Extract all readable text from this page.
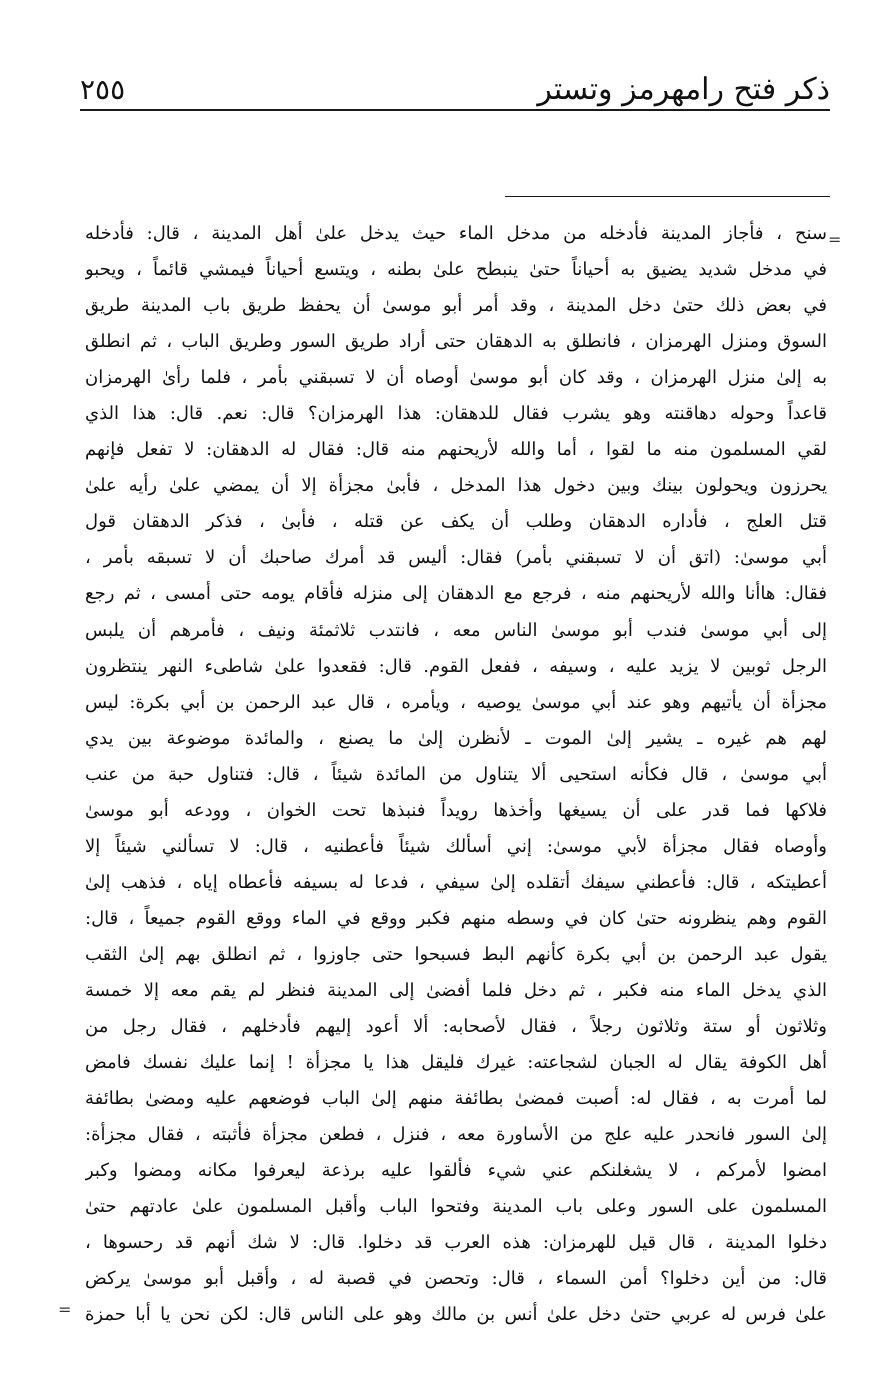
ذكر فتح رامهرمز وتستر
٢٥٥
=
=
سنح ، فأجاز المدينة فأدخله من مدخل الماء حيث يدخل علىٰ أهل المدينة ، قال: فأدخله
في مدخل شديد يضيق به أحياناً حتىٰ ينبطح علىٰ بطنه ، ويتسع أحياناً فيمشي قائماً ، ويحبو
في بعض ذلك حتىٰ دخل المدينة ، وقد أمر أبو موسىٰ أن يحفظ طريق باب المدينة طريق
السوق ومنزل الهرمزان ، فانطلق به الدهقان حتى أراد طريق السور وطريق الباب ، ثم انطلق
به إلىٰ منزل الهرمزان ، وقد كان أبو موسىٰ أوصاه أن لا تسبقني بأمر ، فلما رأىٰ الهرمزان
قاعداً وحوله دهاقنته وهو يشرب فقال للدهقان: هذا الهرمزان؟ قال: نعم. قال: هذا الذي
لقي المسلمون منه ما لقوا ، أما والله لأريحنهم منه قال: فقال له الدهقان: لا تفعل فإنهم
يحرزون ويحولون بينك وبين دخول هذا المدخل ، فأبىٰ مجزأة إلا أن يمضي علىٰ رأيه علىٰ
قتل العلج ، فأداره الدهقان وطلب أن يكف عن قتله ، فأبىٰ ، فذكر الدهقان قول
أبي موسىٰ: (اتق أن لا تسبقني بأمر) فقال: أليس قد أمرك صاحبك أن لا تسبقه بأمر ،
فقال: هاأنا والله لأريحنهم منه ، فرجع مع الدهقان إلى منزله فأقام يومه حتى أمسى ، ثم رجع
إلى أبي موسىٰ فندب أبو موسىٰ الناس معه ، فانتدب ثلاثمئة ونيف ، فأمرهم أن يلبس
الرجل ثوبين لا يزيد عليه ، وسيفه ، ففعل القوم. قال: فقعدوا علىٰ شاطىء النهر ينتظرون
مجزأة أن يأتيهم وهو عند أبي موسىٰ يوصيه ، ويأمره ، قال عبد الرحمن بن أبي بكرة: ليس
لهم هم غيره ـ يشير إلىٰ الموت ـ لأنظرن إلىٰ ما يصنع ، والمائدة موضوعة بين يدي
أبي موسىٰ ، قال فكأنه استحيى ألا يتناول من المائدة شيئاً ، قال: فتناول حبة من عنب
فلاكها فما قدر على أن يسيغها وأخذها رويداً فنبذها تحت الخوان ، وودعه أبو موسىٰ
وأوصاه فقال مجزأة لأبي موسىٰ: إني أسألك شيئاً فأعطنيه ، قال: لا تسألني شيئاً إلا
أعطيتكه ، قال: فأعطني سيفك أتقلده إلىٰ سيفي ، فدعا له بسيفه فأعطاه إياه ، فذهب إلىٰ
القوم وهم ينظرونه حتىٰ كان في وسطه منهم فكبر ووقع في الماء ووقع القوم جميعاً ، قال:
يقول عبد الرحمن بن أبي بكرة كأنهم البط فسبحوا حتى جاوزوا ، ثم انطلق بهم إلىٰ الثقب
الذي يدخل الماء منه فكبر ، ثم دخل فلما أفضىٰ إلى المدينة فنظر لم يقم معه إلا خمسة
وثلاثون أو ستة وثلاثون رجلاً ، فقال لأصحابه: ألا أعود إليهم فأدخلهم ، فقال رجل من
أهل الكوفة يقال له الجبان لشجاعته: غيرك فليقل هذا يا مجزأة ! إنما عليك نفسك فامض
لما أمرت به ، فقال له: أصبت فمضىٰ بطائفة منهم إلىٰ الباب فوضعهم عليه ومضىٰ بطائفة
إلىٰ السور فانحدر عليه علج من الأساورة معه ، فنزل ، فطعن مجزأة فأثبته ، فقال مجزأة:
امضوا لأمركم ، لا يشغلنكم عني شيء فألقوا عليه برذعة ليعرفوا مكانه ومضوا وكبر
المسلمون على السور وعلى باب المدينة وفتحوا الباب وأقبل المسلمون علىٰ عادتهم حتىٰ
دخلوا المدينة ، قال قيل للهرمزان: هذه العرب قد دخلوا. قال: لا شك أنهم قد رحسوها ،
قال: من أين دخلوا؟ أمن السماء ، قال: وتحصن في قصبة له ، وأقبل أبو موسىٰ يركض
علىٰ فرس له عربي حتىٰ دخل علىٰ أنس بن مالك وهو على الناس قال: لكن نحن يا أبا حمزة
